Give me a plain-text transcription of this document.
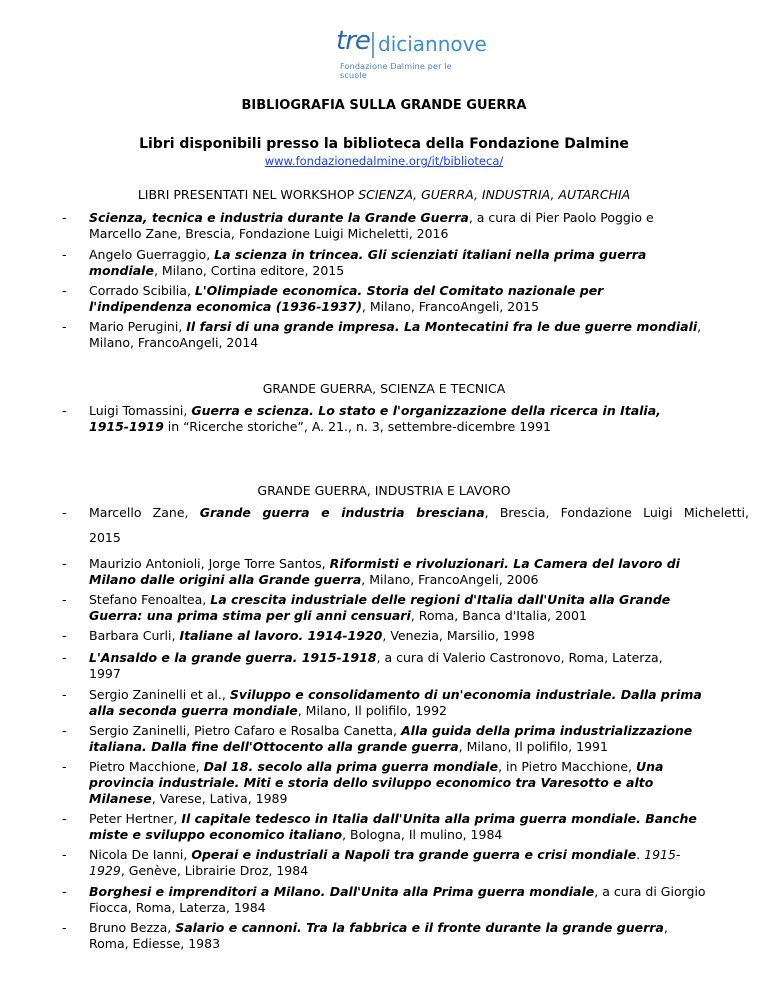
tre diciannove
Fondazione Dalmine per le scuole
BIBLIOGRAFIA SULLA GRANDE GUERRA
Libri disponibili presso la biblioteca della Fondazione Dalmine
www.fondazionedalmine.org/it/biblioteca/
LIBRI PRESENTATI NEL WORKSHOP SCIENZA, GUERRA, INDUSTRIA, AUTARCHIA
- Scienza, tecnica e industria durante la Grande Guerra, a cura di Pier Paolo Poggio e
Marcello Zane, Brescia, Fondazione Luigi Micheletti, 2016
- Angelo Guerraggio, La scienza in trincea. Gli scienziati italiani nella prima guerra
mondiale, Milano, Cortina editore, 2015
- Corrado Scibilia, L'Olimpiade economica. Storia del Comitato nazionale per
l'indipendenza economica (1936-1937), Milano, FrancoAngeli, 2015
- Mario Perugini, Il farsi di una grande impresa. La Montecatini fra le due guerre mondiali,
Milano, FrancoAngeli, 2014
GRANDE GUERRA, SCIENZA E TECNICA
- Luigi Tomassini, Guerra e scienza. Lo stato e l'organizzazione della ricerca in Italia,
1915-1919 in “Ricerche storiche”, A. 21., n. 3, settembre-dicembre 1991
GRANDE GUERRA, INDUSTRIA E LAVORO
- Marcello Zane, Grande guerra e industria bresciana, Brescia, Fondazione Luigi Micheletti,
2015
- Maurizio Antonioli, Jorge Torre Santos, Riformisti e rivoluzionari. La Camera del lavoro di
Milano dalle origini alla Grande guerra, Milano, FrancoAngeli, 2006
- Stefano Fenoaltea, La crescita industriale delle regioni d'Italia dall'Unita alla Grande
Guerra: una prima stima per gli anni censuari, Roma, Banca d'Italia, 2001
- Barbara Curli, Italiane al lavoro. 1914-1920, Venezia, Marsilio, 1998
- L'Ansaldo e la grande guerra. 1915-1918, a cura di Valerio Castronovo, Roma, Laterza,
1997
- Sergio Zaninelli et al., Sviluppo e consolidamento di un'economia industriale. Dalla prima
alla seconda guerra mondiale, Milano, Il polifilo, 1992
- Sergio Zaninelli, Pietro Cafaro e Rosalba Canetta, Alla guida della prima industrializzazione
italiana. Dalla fine dell'Ottocento alla grande guerra, Milano, Il polifilo, 1991
- Pietro Macchione, Dal 18. secolo alla prima guerra mondiale, in Pietro Macchione, Una
provincia industriale. Miti e storia dello sviluppo economico tra Varesotto e alto
Milanese, Varese, Lativa, 1989
- Peter Hertner, Il capitale tedesco in Italia dall'Unita alla prima guerra mondiale. Banche
miste e sviluppo economico italiano, Bologna, Il mulino, 1984
- Nicola De Ianni, Operai e industriali a Napoli tra grande guerra e crisi mondiale. 1915-
1929, Genève, Librairie Droz, 1984
- Borghesi e imprenditori a Milano. Dall'Unita alla Prima guerra mondiale, a cura di Giorgio
Fiocca, Roma, Laterza, 1984
- Bruno Bezza, Salario e cannoni. Tra la fabbrica e il fronte durante la grande guerra,
Roma, Ediesse, 1983
